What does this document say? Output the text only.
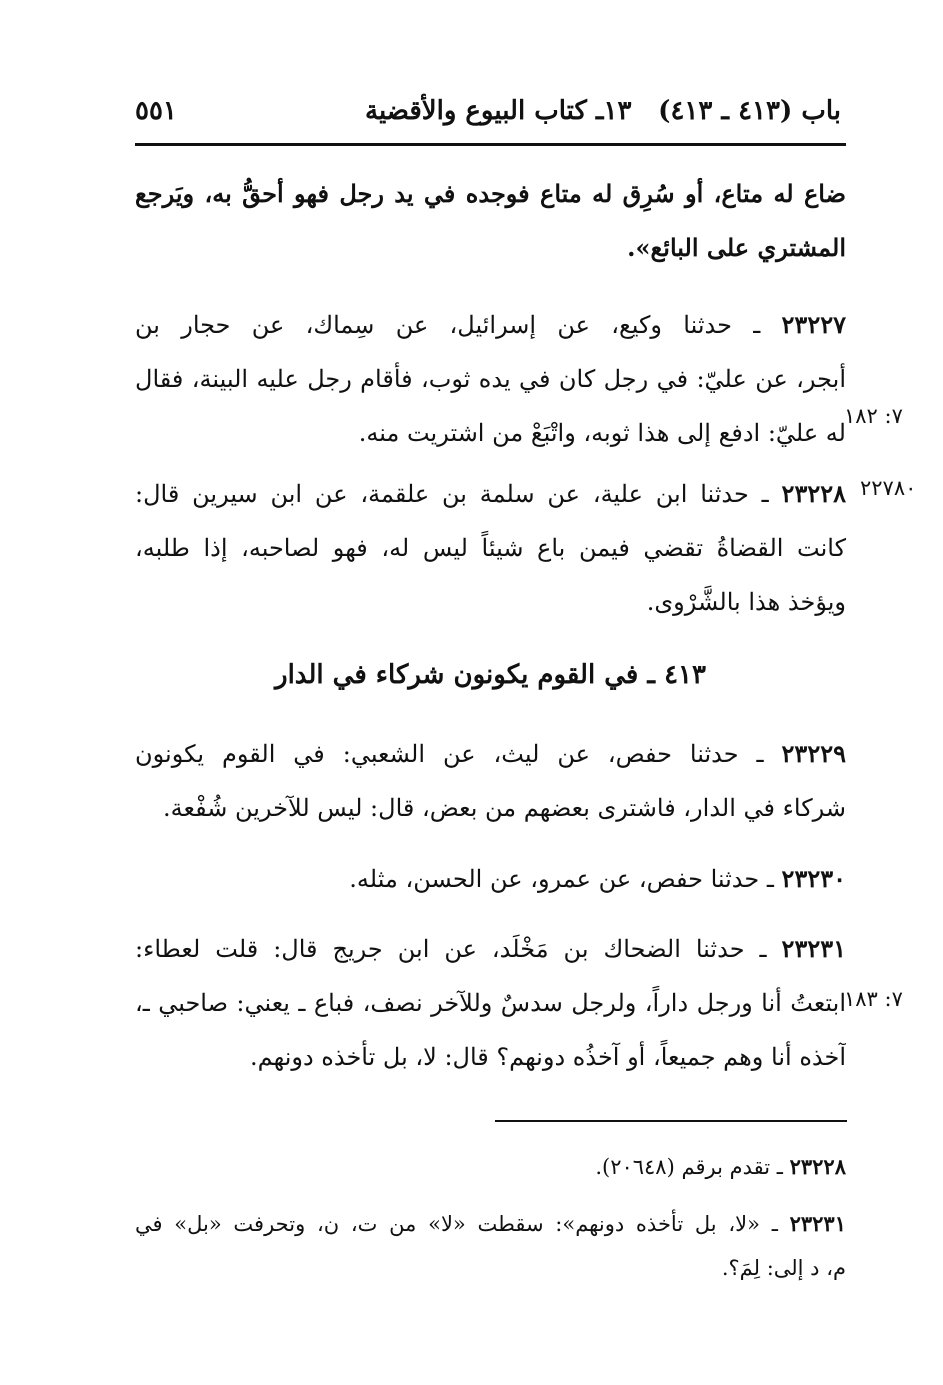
٥٥١	١٣ـ كتاب البيوع والأقضية باب (٤١٣ ـ ٤١٣)
ضاع له متاع، أو سُرِق له متاع فوجده في يد رجل فهو أحقُّ به، ويَرجع
المشتري على البائع».
٢٣٢٢٧ ـ حدثنا وكيع، عن إسرائيل، عن سِماك، عن حجار بن
أبجر، عن عليّ: في رجل كان في يده ثوب، فأقام رجل عليه البينة، فقال
له عليّ: ادفع إلى هذا ثوبه، واتْبَعْ من اشتريت منه.
٧: ١٨٢
٢٣٢٢٨ ـ حدثنا ابن علية، عن سلمة بن علقمة، عن ابن سيرين قال:
كانت القضاةُ تقضي فيمن باع شيئاً ليس له، فهو لصاحبه، إذا طلبه،
ويؤخذ هذا بالشَّرْوى.
٢٢٧٨٠
٤١٣ ـ في القوم يكونون شركاء في الدار
٢٣٢٢٩ ـ حدثنا حفص، عن ليث، عن الشعبي: في القوم يكونون
شركاء في الدار، فاشترى بعضهم من بعض، قال: ليس للآخرين شُفْعة.
٢٣٢٣٠ ـ حدثنا حفص، عن عمرو، عن الحسن، مثله.
٢٣٢٣١ ـ حدثنا الضحاك بن مَخْلَد، عن ابن جريج قال: قلت لعطاء:
ابتعتُ أنا ورجل داراً، ولرجل سدسٌ وللآخر نصف، فباع ـ يعني: صاحبي ـ،
آخذه أنا وهم جميعاً، أو آخذُه دونهم؟ قال: لا، بل تأخذه دونهم.
٧: ١٨٣
٢٣٢٢٨ ـ تقدم برقم (٢٠٦٤٨).
٢٣٢٣١ ـ «لا، بل تأخذه دونهم»: سقطت «لا» من ت، ن، وتحرفت «بل» في
م، د إلى: لِمَ؟.
